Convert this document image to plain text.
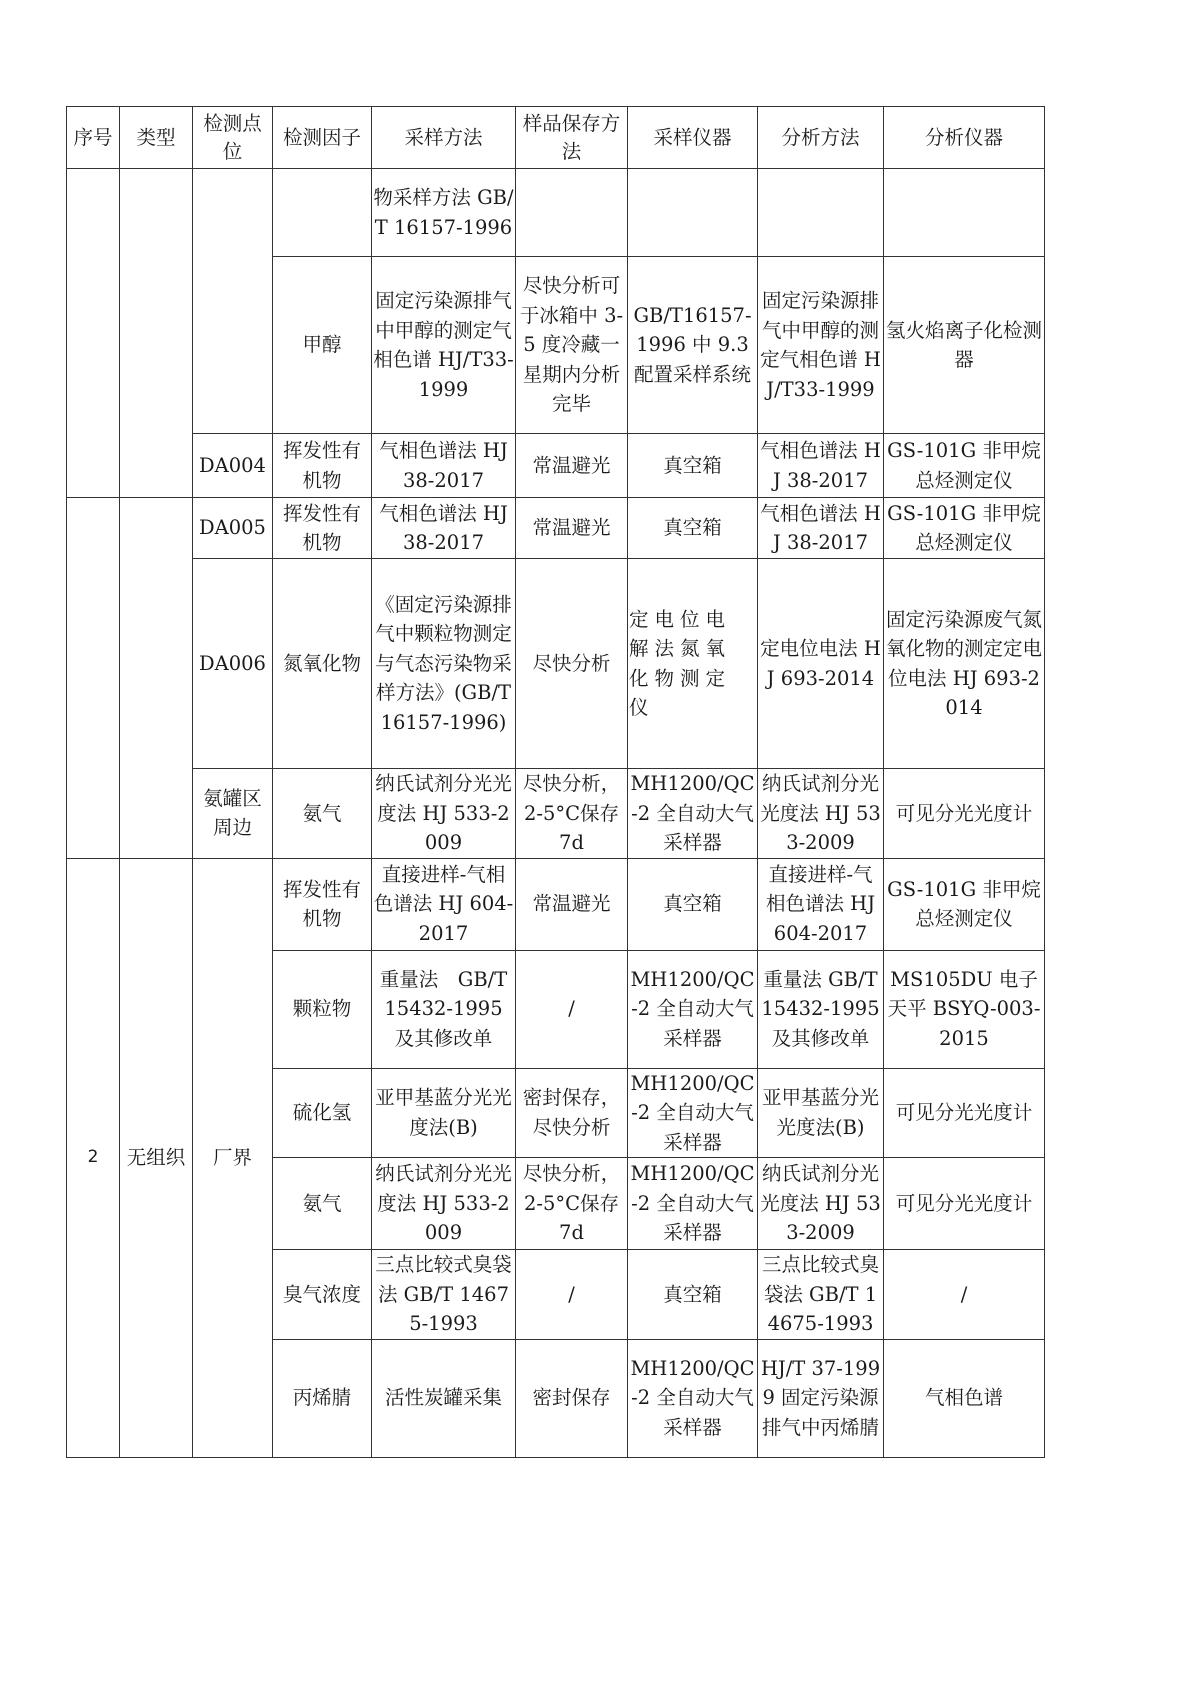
序号	类型	检测点位	检测因子	采样方法	样品保存方法	采样仪器	分析方法	分析仪器
				物采样方法 GB/T 16157-1996				
			甲醇	固定污染源排气中甲醇的测定气相色谱 HJ/T33-1999	尽快分析可于冰箱中 3-5 度冷藏一星期内分析完毕	GB/T16157-1996 中 9.3 配置采样系统	固定污染源排气中甲醇的测定气相色谱 HJ/T33-1999	氢火焰离子化检测器
		DA004	挥发性有机物	气相色谱法 HJ 38-2017	常温避光	真空箱	气相色谱法 HJ 38-2017	GS-101G 非甲烷总烃测定仪
		DA005	挥发性有机物	气相色谱法 HJ 38-2017	常温避光	真空箱	气相色谱法 HJ 38-2017	GS-101G 非甲烷总烃测定仪
		DA006	氮氧化物	《固定污染源排气中颗粒物测定与气态污染物采样方法》(GB/T16157-1996)	尽快分析	定电位电解法氮氧化物测定仪	定电位电法 HJ 693-2014	固定污染源废气氮氧化物的测定定电位电法 HJ 693-2014
		氨罐区周边	氨气	纳氏试剂分光光度法 HJ 533-2009	尽快分析，2-5°C保存 7d	MH1200/QC-2 全自动大气采样器	纳氏试剂分光光度法 HJ 533-2009	可见分光光度计
2	无组织	厂界	挥发性有机物	直接进样-气相色谱法 HJ 604-2017	常温避光	真空箱	直接进样-气相色谱法 HJ 604-2017	GS-101G 非甲烷总烃测定仪
			颗粒物	重量法　GB/T 15432-1995 及其修改单	/	MH1200/QC-2 全自动大气采样器	重量法 GB/T 15432-1995 及其修改单	MS105DU 电子天平 BSYQ-003-2015
			硫化氢	亚甲基蓝分光光度法(B)	密封保存，尽快分析	MH1200/QC-2 全自动大气采样器	亚甲基蓝分光光度法(B)	可见分光光度计
			氨气	纳氏试剂分光光度法 HJ 533-2009	尽快分析，2-5°C保存 7d	MH1200/QC-2 全自动大气采样器	纳氏试剂分光光度法 HJ 533-2009	可见分光光度计
			臭气浓度	三点比较式臭袋法 GB/T 14675-1993	/	真空箱	三点比较式臭袋法 GB/T 14675-1993	/
			丙烯腈	活性炭罐采集	密封保存	MH1200/QC-2 全自动大气采样器	HJ/T 37-1999 固定污染源排气中丙烯腈	气相色谱
